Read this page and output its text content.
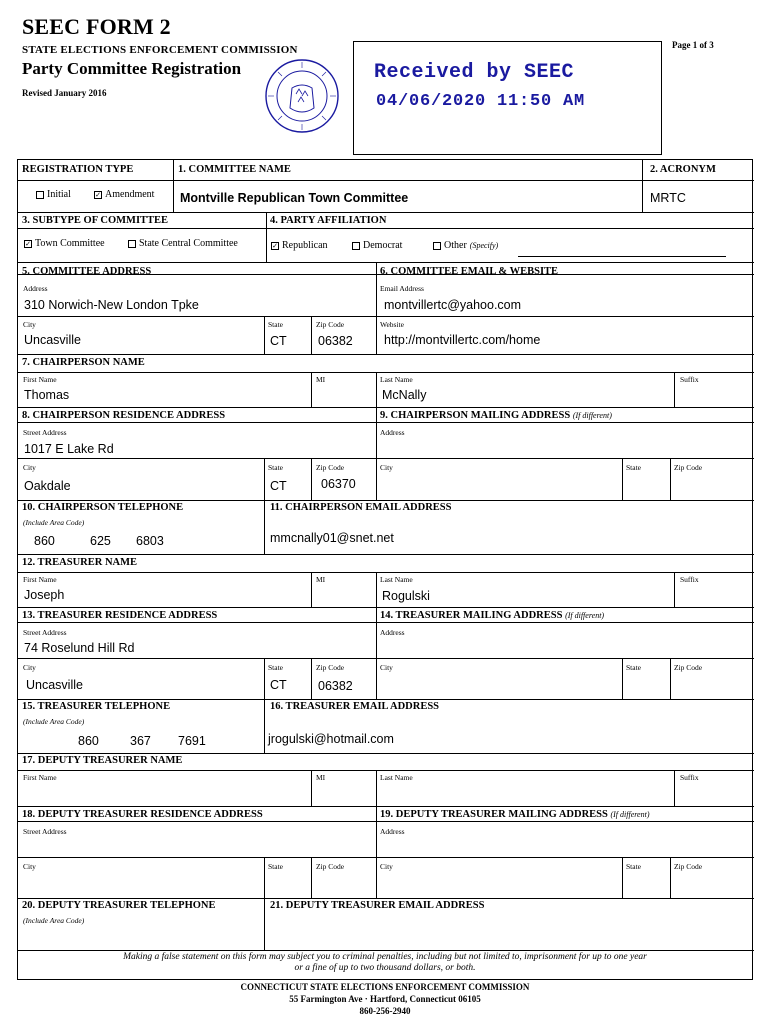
SEEC FORM 2
STATE ELECTIONS ENFORCEMENT COMMISSION
Party Committee Registration
Revised January 2016
Page 1 of 3
Received by SEEC
04/06/2020 11:50 AM
REGISTRATION TYPE
Initial	✓ Amendment
1. COMMITTEE NAME
Montville Republican Town Committee
2. ACRONYM
MRTC
3. SUBTYPE OF COMMITTEE
✓ Town Committee	State Central Committee
4. PARTY AFFILIATION
✓ Republican	Democrat	Other (Specify)
5. COMMITTEE ADDRESS	6. COMMITTEE EMAIL & WEBSITE
Address
310 Norwich-New London Tpke
Email Address
montvillertc@yahoo.com
City
Uncasville
State
CT
Zip Code
06382
Website
http://montvillertc.com/home
7. CHAIRPERSON NAME
First Name
Thomas
MI	Last Name
McNally
Suffix
8. CHAIRPERSON RESIDENCE ADDRESS	9. CHAIRPERSON MAILING ADDRESS (If different)
Street Address
1017 E Lake Rd
Address
City
Oakdale
State
CT
Zip Code
06370
City	State	Zip Code
10. CHAIRPERSON TELEPHONE
(Include Area Code)
860	625 6803
11. CHAIRPERSON EMAIL ADDRESS
mmcnally01@snet.net
12. TREASURER NAME
First Name
Joseph
MI	Last Name
Rogulski
Suffix
13. TREASURER RESIDENCE ADDRESS	14. TREASURER MAILING ADDRESS (If different)
Street Address
74 Roselund Hill Rd
Address
City
Uncasville
State
CT
Zip Code
06382
City	State	Zip Code
15. TREASURER TELEPHONE
(Include Area Code)
860 367 7691
16. TREASURER EMAIL ADDRESS
jrogulski@hotmail.com
17. DEPUTY TREASURER NAME
First Name	MI	Last Name	Suffix
18. DEPUTY TREASURER RESIDENCE ADDRESS	19. DEPUTY TREASURER MAILING ADDRESS (If different)
Street Address	Address
City	State	Zip Code	City	State	Zip Code
20. DEPUTY TREASURER TELEPHONE
(Include Area Code)
21. DEPUTY TREASURER EMAIL ADDRESS
Making a false statement on this form may subject you to criminal penalties, including but not limited to, imprisonment for up to one year
or a fine of up to two thousand dollars, or both.
CONNECTICUT STATE ELECTIONS ENFORCEMENT COMMISSION
55 Farmington Ave · Hartford, Connecticut 06105
860-256-2940
